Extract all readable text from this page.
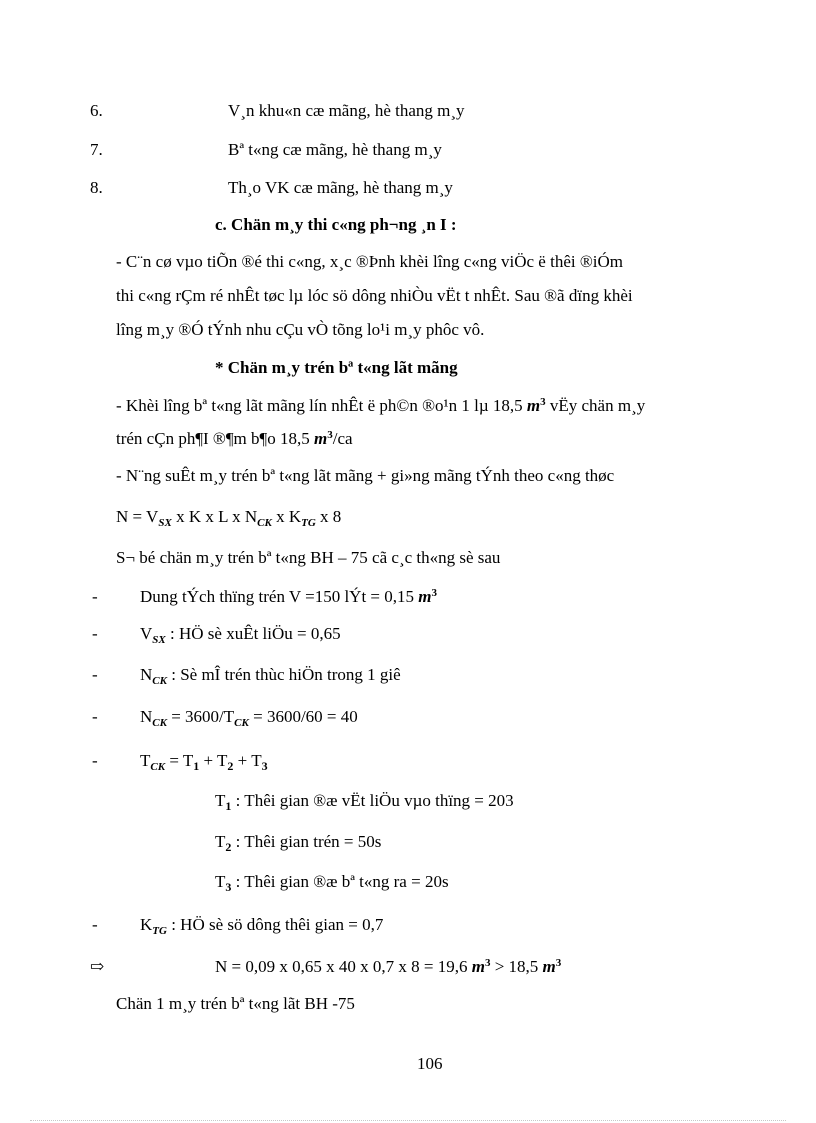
6.	V¸n khu«n cæ mãng, hè thang m¸y
7.	Bª t«ng cæ mãng, hè thang m¸y
8.	Th¸o VK cæ mãng, hè thang m¸y
c. Chän m¸y thi c«ng ph¬ng ¸n I :
- C¨n cø vµo tiÕn ®é thi c«ng, x¸c ®Þnh khèi lîng c«ng viÖc ë thêi ®iÓm
thi c«ng rÇm ré nhÊt tøc lµ lóc sö dông nhiÒu vËt t nhÊt. Sau ®ã dïng khèi
lîng m¸y ®Ó tÝnh nhu cÇu vÒ tõng lo¹i m¸y phôc vô.
* Chän m¸y trén bª t«ng lãt mãng
- Khèi lîng bª t«ng lãt mãng lín nhÊt ë ph©n ®o¹n 1 lµ 18,5 $m^3$ vËy chän m¸y
trén cÇn ph¶I ®¶m b¶o 18,5 $m^3/ca$
- N¨ng suÊt m¸y trén bª t«ng lãt mãng + gi»ng mãng tÝnh theo c«ng thøc
$N = V_{SX}$ x K x L x $N_{CK}$ x $K_{TG}$ x 8
S¬ bé chän m¸y trén bª t«ng BH – 75 cã c¸c th«ng sè sau
- Dung tÝch thïng trén V =150 lÝt = 0,15 $m^3$
- $V_{SX}$ : HÖ sè xuÊt liÖu = 0,65
- $N_{CK}$ : Sè mÎ trén thùc hiÖn trong 1 giê
- $N_{CK} = 3600/T_{CK} = 3600/60 = 40$
- $T_{CK} = T_1 + T_2 + T_3$
$T_1$ : Thêi gian ®æ vËt liÖu vµo thïng = 203
$T_2$ : Thêi gian trén = 50s
$T_3$ : Thêi gian ®æ bª t«ng ra = 20s
- $K_{TG}$ : HÖ sè sö dông thêi gian = 0,7
⇨	N = 0,09 x 0,65 x 40 x 0,7 x 8 = 19,6 $m^3 > 18,5$ $m^3$
Chän 1 m¸y trén bª t«ng lãt BH -75
106
